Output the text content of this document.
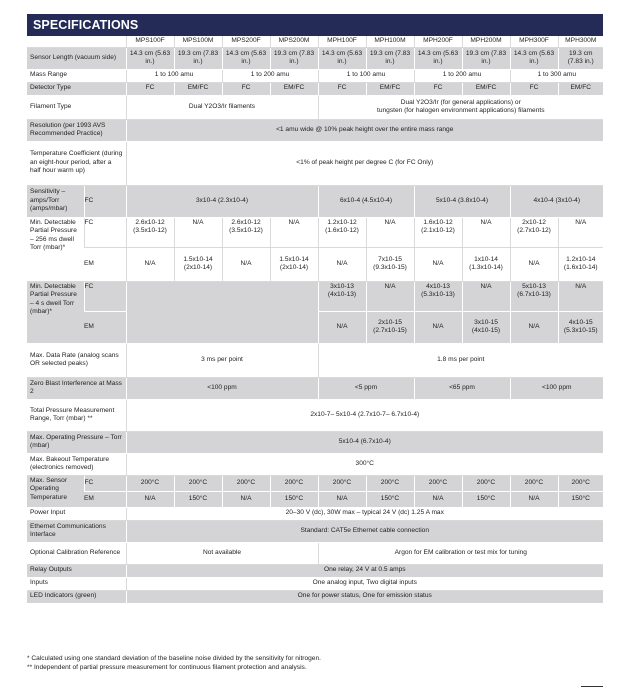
SPECIFICATIONS
		MPS100F	MPS100M	MPS200F	MPS200M	MPH100F	MPH100M	MPH200F	MPH200M	MPH300F	MPH300M
Sensor Length (vacuum side)		14.3 cm (5.63 in.)	19.3 cm (7.83 in.)	14.3 cm (5.63 in.)	19.3 cm (7.83 in.)	14.3 cm (5.63 in.)	19.3 cm (7.83 in.)	14.3 cm (5.63 in.)	19.3 cm (7.83 in.)	14.3 cm (5.63 in.)	19.3 cm (7.83 in.)
Mass Range		1 to 100 amu		1 to 200 amu		1 to 100 amu		1 to 200 amu		1 to 300 amu	
Detector Type		FC	EM/FC	FC	EM/FC	FC	EM/FC	FC	EM/FC	FC	EM/FC
Filament Type		Dual Y2O3/Ir filaments				Dual Y2O3/Ir (for general applications) or
tungsten (for halogen environment applications) filaments					
Resolution (per 1993 AVS Recommended Practice)		<1 amu wide @ 10% peak height over the entire mass range									
Temperature Coefficient (during an eight-hour period, after a half hour warm up)		<1% of peak height per degree C (for FC Only)									
Sensitivity – amps/Torr (amps/mbar)	FC	3x10-4 (2.3x10-4)				6x10-4 (4.5x10-4)		5x10-4 (3.8x10-4)		4x10-4 (3x10-4)	
Min. Detectable Partial Pressure – 256 ms dwell Torr (mbar)*	FC	2.6x10-12 (3.5x10-12)	N/A	2.6x10-12 (3.5x10-12)	N/A	1.2x10-12 (1.6x10-12)	N/A	1.6x10-12 (2.1x10-12)	N/A	2x10-12 (2.7x10-12)	N/A
	EM	N/A	1.5x10-14 (2x10-14)	N/A	1.5x10-14 (2x10-14)	N/A	7x10-15 (9.3x10-15)	N/A	1x10-14 (1.3x10-14)	N/A	1.2x10-14 (1.6x10-14)
Min. Detectable Partial Pressure – 4 s dwell Torr (mbar)*	FC					3x10-13 (4x10-13)	N/A	4x10-13 (5.3x10-13)	N/A	5x10-13 (6.7x10-13)	N/A
	EM					N/A	2x10-15 (2.7x10-15)	N/A	3x10-15 (4x10-15)	N/A	4x10-15 (5.3x10-15)
Max. Data Rate (analog scans OR selected peaks)		3 ms per point				1.8 ms per point					
Zero Blast Interference at Mass 2		<100 ppm				<5 ppm		<65 ppm		<100 ppm	
Total Pressure Measurement Range, Torr (mbar) **		2x10-7– 5x10-4 (2.7x10-7– 6.7x10-4)									
Max. Operating Pressure – Torr (mbar)		5x10-4 (6.7x10-4)									
Max. Bakeout Temperature (electronics removed)		300°C									
Max. Sensor Operating Temperature	FC	200°C	200°C	200°C	200°C	200°C	200°C	200°C	200°C	200°C	200°C
	EM	N/A	150°C	N/A	150°C	N/A	150°C	N/A	150°C	N/A	150°C
Power Input		20–30 V (dc), 30W max – typical 24 V (dc) 1.25 A max									
Ethernet Communications Interface		Standard: CAT5e Ethernet cable connection									
Optional Calibration Reference		Not available				Argon for EM calibration or test mix for tuning					
Relay Outputs		One relay, 24 V at 0.5 amps									
Inputs		One analog input, Two digital inputs									
LED Indicators (green)		One for power status, One for emission status									
* Calculated using one standard deviation of the baseline noise divided by the sensitivity for nitrogen.
** Independent of partial pressure measurement for continuous filament protection and analysis.
